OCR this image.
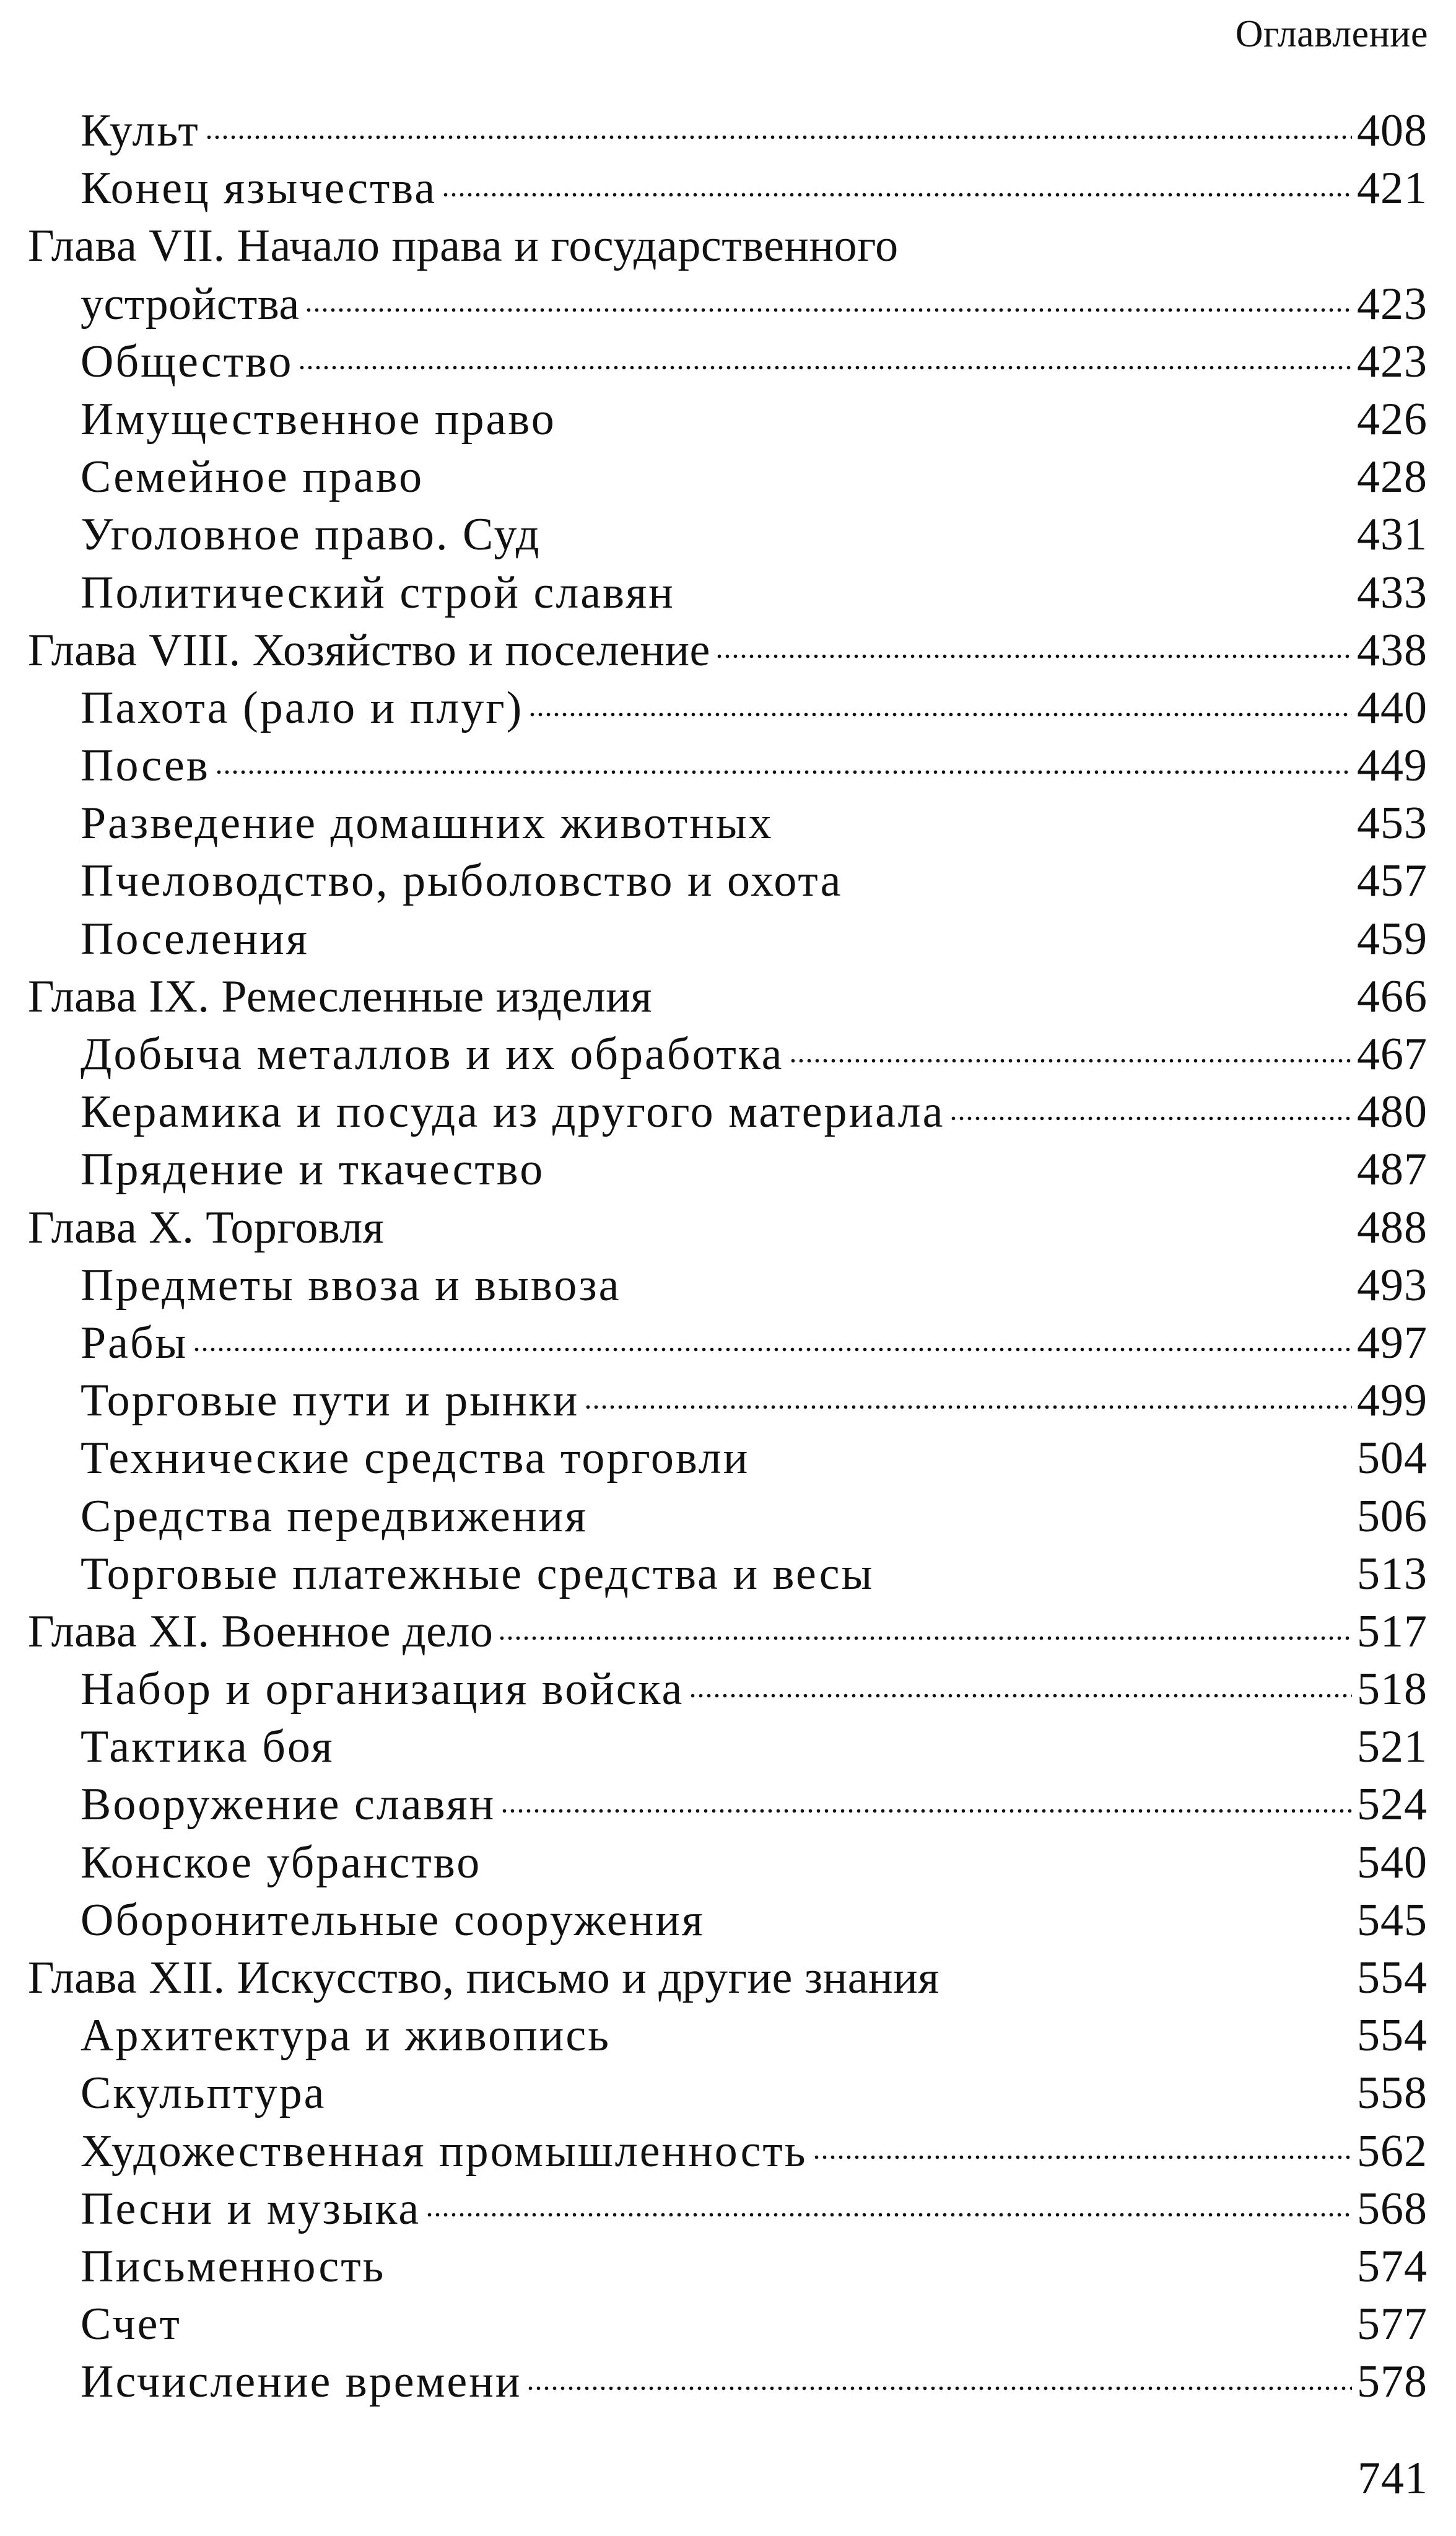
Оглавление
Культ	408
Конец язычества	421
Глава VII. Начало права и государственного
устройства	423
Общество	423
Имущественное право	426
Семейное право	428
Уголовное право. Суд	431
Политический строй славян	433
Глава VIII. Хозяйство и поселение	438
Пахота (рало и плуг)	440
Посев	449
Разведение домашних животных	453
Пчеловодство, рыболовство и охота	457
Поселения	459
Глава IX. Ремесленные изделия	466
Добыча металлов и их обработка	467
Керамика и посуда из другого материала	480
Прядение и ткачество	487
Глава X. Торговля	488
Предметы ввоза и вывоза	493
Рабы	497
Торговые пути и рынки	499
Технические средства торговли	504
Средства передвижения	506
Торговые платежные средства и весы	513
Глава XI. Военное дело	517
Набор и организация войска	518
Тактика боя	521
Вооружение славян	524
Конское убранство	540
Оборонительные сооружения	545
Глава XII. Искусство, письмо и другие знания	554
Архитектура и живопись	554
Скульптура	558
Художественная промышленность	562
Песни и музыка	568
Письменность	574
Счет	577
Исчисление времени	578
741
